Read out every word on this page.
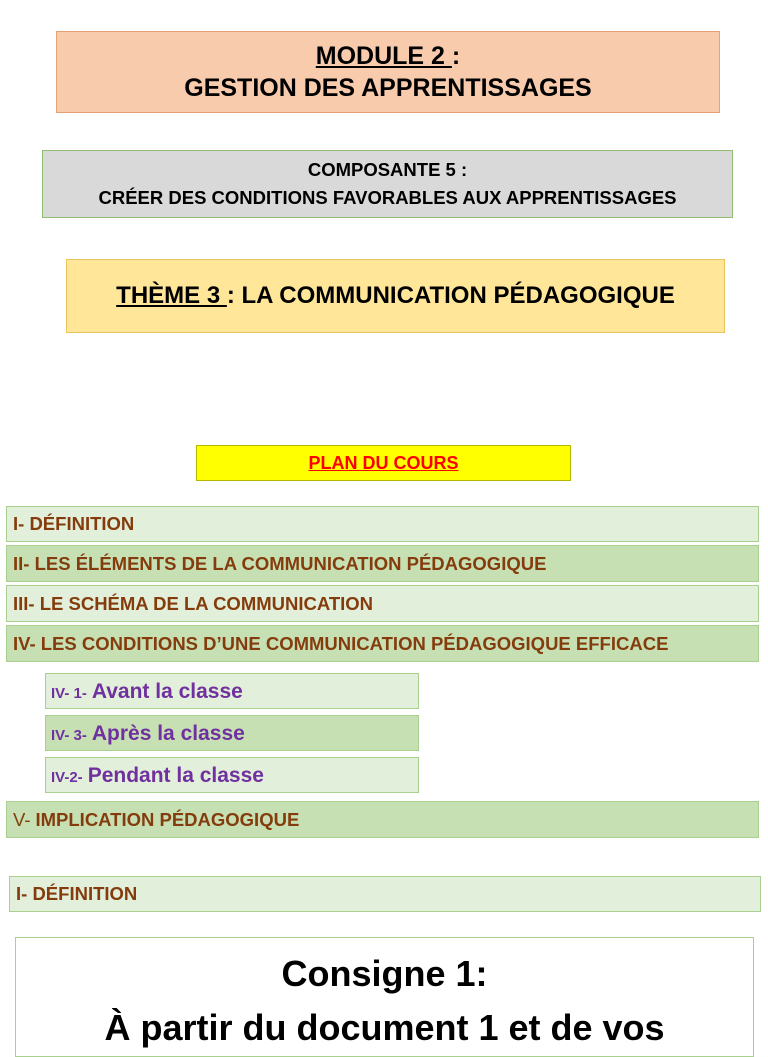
MODULE 2 :
GESTION DES APPRENTISSAGES
COMPOSANTE 5 :
CRÉER DES CONDITIONS FAVORABLES AUX APPRENTISSAGES
THÈME 3 : LA COMMUNICATION PÉDAGOGIQUE
PLAN DU COURS
I- DÉFINITION
II- LES ÉLÉMENTS DE LA COMMUNICATION PÉDAGOGIQUE
III- LE SCHÉMA DE LA COMMUNICATION
IV- LES CONDITIONS D’UNE COMMUNICATION PÉDAGOGIQUE EFFICACE
IV- 1- Avant la classe
IV- 3- Après la classe
IV-2- Pendant la classe
V- IMPLICATION PÉDAGOGIQUE
I- DÉFINITION
Consigne 1:
À partir du document 1 et de vos
